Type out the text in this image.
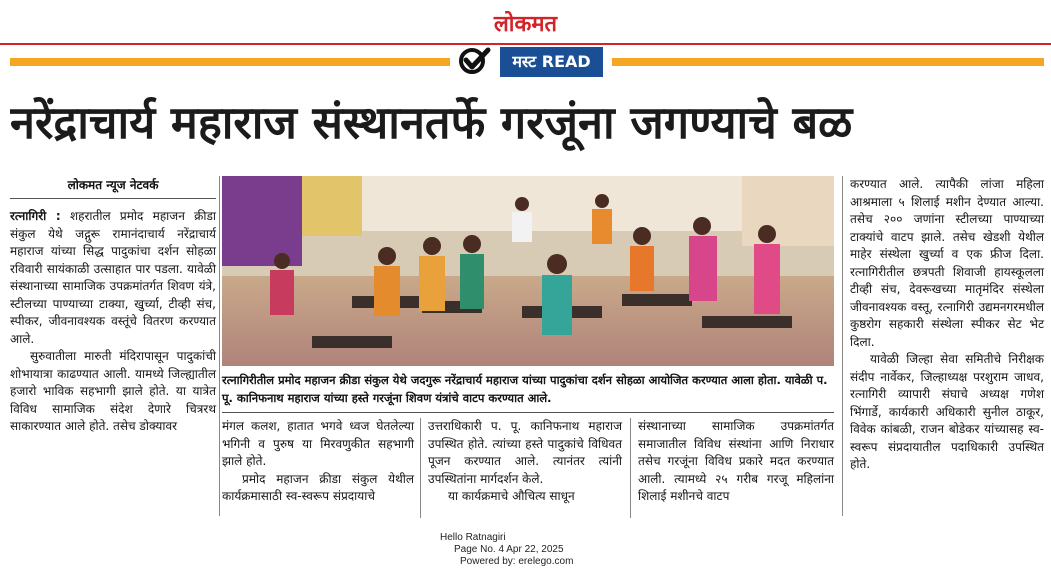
लोकमत
मस्ट READ
नरेंद्राचार्य महाराज संस्थानतर्फे गरजूंना जगण्याचे बळ
लोकमत न्यूज नेटवर्क

रत्नागिरी : शहरातील प्रमोद महाजन क्रीडा संकुल येथे जद्गुरू रामानंदाचार्य नरेंद्राचार्य महाराज यांच्या सिद्ध पादुकांचा दर्शन सोहळा रविवारी सायंकाळी उत्साहात पार पडला. यावेळी संस्थानाच्या सामाजिक उपक्रमांतर्गत शिवण यंत्रे, स्टीलच्या पाण्याच्या टाक्या, खुर्च्या, टीव्ही संच, स्पीकर, जीवनावश्यक वस्तूंचे वितरण करण्यात आले.

सुरुवातीला मारुती मंदिरापासून पादुकांची शोभायात्रा काढण्यात आली. यामध्ये जिल्ह्यातील हजारो भाविक सहभागी झाले होते. या यात्रेत विविध सामाजिक संदेश देणारे चित्ररथ साकारण्यात आले होते. तसेच डोक्यावर

रत्नागिरीतील प्रमोद महाजन क्रीडा संकुल येथे जदगुरू नरेंद्राचार्य महाराज यांच्या पादुकांचा दर्शन सोहळा आयोजित करण्यात आला होता. यावेळी प. पू. कानिफनाथ महाराज यांच्या हस्ते गरजूंना शिवण यंत्रांचे वाटप करण्यात आले.

मंगल कलश, हातात भगवे ध्वज घेतलेल्या भगिनी व पुरुष या मिरवणुकीत सहभागी झाले होते.

प्रमोद महाजन क्रीडा संकुल येथील कार्यक्रमासाठी स्व-स्वरूप संप्रदायाचे

उत्तराधिकारी प. पू. कानिफनाथ महाराज उपस्थित होते. त्यांच्या हस्ते पादुकांचे विधिवत पूजन करण्यात आले. त्यानंतर त्यांनी उपस्थितांना मार्गदर्शन केले.

या कार्यक्रमाचे औचित्य साधून

संस्थानाच्या सामाजिक उपक्रमांतर्गत समाजातील विविध संस्थांना आणि निराधार तसेच गरजूंना विविध प्रकारे मदत करण्यात आली. त्यामध्ये २५ गरीब गरजू महिलांना शिलाई मशीनचे वाटप

करण्यात आले. त्यापैकी लांजा महिला आश्रमाला ५ शिलाई मशीन देण्यात आल्या. तसेच २०० जणांना स्टीलच्या पाण्याच्या टाक्यांचे वाटप झाले. तसेच खेडशी येथील माहेर संस्थेला खुर्च्या व एक फ्रीज दिला. रत्नागिरीतील छत्रपती शिवाजी हायस्कूलला टीव्ही संच, देवरूखच्या मातृमंदिर संस्थेला जीवनावश्यक वस्तू, रत्नागिरी उद्यमनगरमधील कुष्ठरोग सहकारी संस्थेला स्पीकर सेट भेट दिला.

यावेळी जिल्हा सेवा समितीचे निरीक्षक संदीप नार्वेकर, जिल्हाध्यक्ष परशुराम जाधव, रत्नागिरी व्यापारी संघाचे अध्यक्ष गणेश भिंगार्डे, कार्यकारी अधिकारी सुनील ठाकूर, विवेक कांबळी, राजन बोडेकर यांच्यासह स्व-स्वरूप संप्रदायातील पदाधिकारी उपस्थित होते.

Hello Ratnagiri
Page No. 4 Apr 22, 2025
Powered by: erelego.com
